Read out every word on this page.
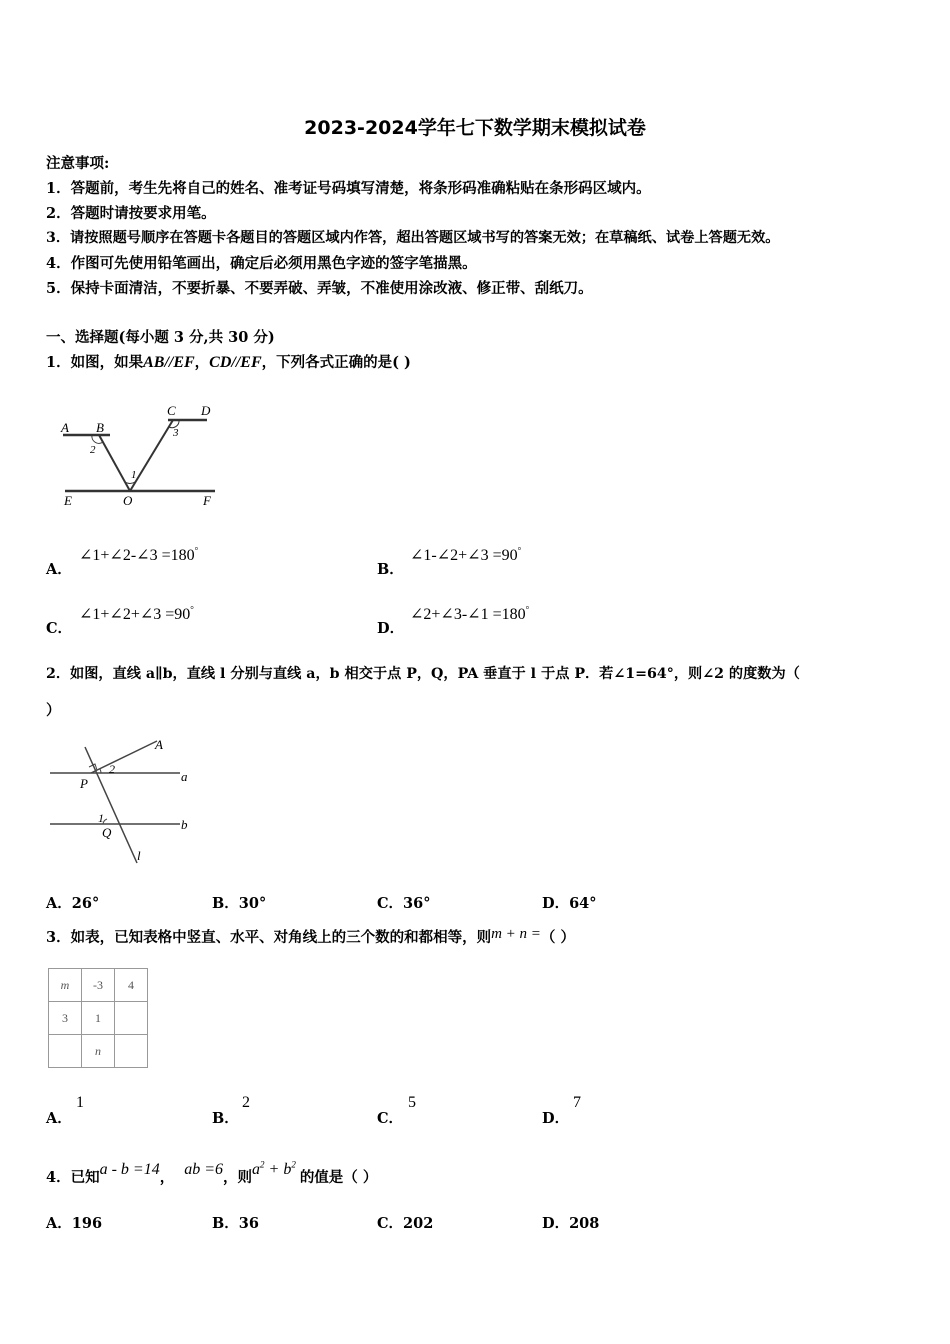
2023-2024学年七下数学期末模拟试卷
注意事项:
1．答题前，考生先将自己的姓名、准考证号码填写清楚，将条形码准确粘贴在条形码区域内。
2．答题时请按要求用笔。
3．请按照题号顺序在答题卡各题目的答题区域内作答，超出答题区域书写的答案无效；在草稿纸、试卷上答题无效。
4．作图可先使用铅笔画出，确定后必须用黑色字迹的签字笔描黑。
5．保持卡面清洁，不要折暴、不要弄破、弄皱，不准使用涂改液、修正带、刮纸刀。
一、选择题(每小题 3 分,共 30 分)
1．如图，如果AB//EF，CD//EF，下列各式正确的是( )
A B
C D
E	O	F
1
2
3
A．
∠1+∠2-∠3 =180°
B．
∠1-∠2+∠3 =90°
C．
∠1+∠2+∠3 =90°
D．
∠2+∠3-∠1 =180°
2．如图，直线 a∥b，直线 l 分别与直线 a，b 相交于点 P，Q，PA 垂直于 l 于点 P．若∠1=64°，则∠2 的度数为（
）
A
2	a
P
1	b
Q
l
A．26°	B．30°	C．36°	D．64°
3．如表，已知表格中竖直、水平、对角线上的三个数的和都相等，则m + n =（ ）
m	-3	4
3	1	
	n	
A．
1
B．
2
C．
5
D．
7
4．已知a - b =14， ab =6，则$a^2 + b^2$的值是（ ）
A．196	B．36	C．202	D．208
